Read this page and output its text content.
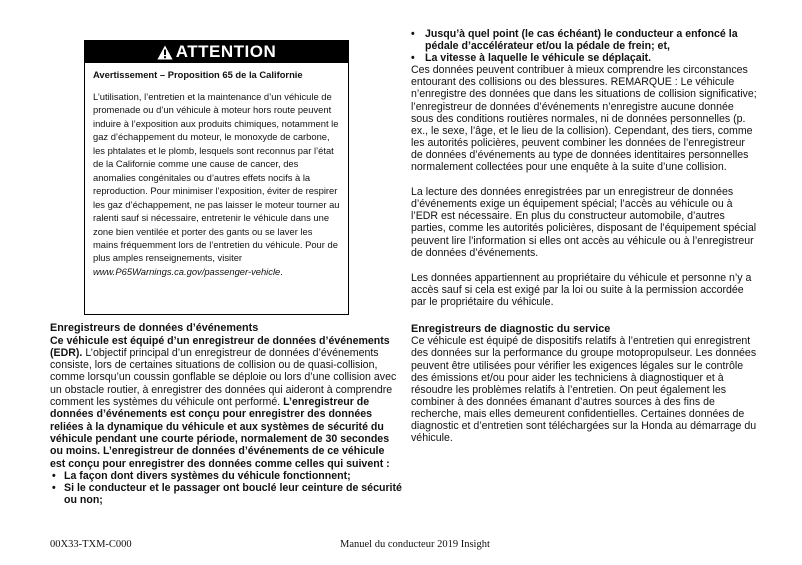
ATTENTION
Avertissement – Proposition 65 de la Californie
L’utilisation, l’entretien et la maintenance d’un véhicule de promenade ou d’un véhicule à moteur hors route peuvent induire à l’exposition aux produits chimiques, notamment le gaz d’échappement du moteur, le monoxyde de carbone, les phtalates et le plomb, lesquels sont reconnus par l’état de la Californie comme une cause de cancer, des anomalies congénitales ou d’autres effets nocifs à la reproduction. Pour minimiser l’exposition, éviter de respirer les gaz d’échappement, ne pas laisser le moteur tourner au ralenti sauf si nécessaire, entretenir le véhicule dans une zone bien ventilée et porter des gants ou se laver les mains fréquemment lors de l’entretien du véhicule. Pour de plus amples renseignements, visiter www.P65Warnings.ca.gov/passenger-vehicle.
Enregistreurs de données d’événements

Ce véhicule est équipé d’un enregistreur de données d’événements (EDR). L’objectif principal d’un enregistreur de données d’événements consiste, lors de certaines situations de collision ou de quasi-collision, comme lorsqu’un coussin gonflable se déploie ou lors d’une collision avec un obstacle routier, à enregistrer des données qui aideront à comprendre comment les systèmes du véhicule ont performé. L’enregistreur de données d’événements est conçu pour enregistrer des données reliées à la dynamique du véhicule et aux systèmes de sécurité du véhicule pendant une courte période, normalement de 30 secondes ou moins. L’enregistreur de données d’événements de ce véhicule est conçu pour enregistrer des données comme celles qui suivent :

• La façon dont divers systèmes du véhicule fonctionnent;
• Si le conducteur et le passager ont bouclé leur ceinture de sécurité ou non;
• Jusqu’à quel point (le cas échéant) le conducteur a enfoncé la pédale d’accélérateur et/ou la pédale de frein; et,
• La vitesse à laquelle le véhicule se déplaçait.

Ces données peuvent contribuer à mieux comprendre les circonstances entourant des collisions ou des blessures. REMARQUE : Le véhicule n’enregistre des données que dans les situations de collision significative; l’enregistreur de données d’événements n’enregistre aucune donnée sous des conditions routières normales, ni de données personnelles (p. ex., le sexe, l’âge, et le lieu de la collision). Cependant, des tiers, comme les autorités policières, peuvent combiner les données de l’enregistreur de données d’événements au type de données identitaires personnelles normalement collectées pour une enquête à la suite d’une collision.

La lecture des données enregistrées par un enregistreur de données d’événements exige un équipement spécial; l’accès au véhicule ou à l’EDR est nécessaire. En plus du constructeur automobile, d’autres parties, comme les autorités policières, disposant de l’équipement spécial peuvent lire l’information si elles ont accès au véhicule ou à l’enregistreur de données d’événements.

Les données appartiennent au propriétaire du véhicule et personne n’y a accès sauf si cela est exigé par la loi ou suite à la permission accordée par le propriétaire du véhicule.

Enregistreurs de diagnostic du service

Ce véhicule est équipé de dispositifs relatifs à l’entretien qui enregistrent des données sur la performance du groupe motopropulseur. Les données peuvent être utilisées pour vérifier les exigences légales sur le contrôle des émissions et/ou pour aider les techniciens à diagnostiquer et à résoudre les problèmes relatifs à l’entretien. On peut également les combiner à des données émanant d’autres sources à des fins de recherche, mais elles demeurent confidentielles. Certaines données de diagnostic et d’entretien sont téléchargées sur la Honda au démarrage du véhicule.

00X33-TXM-C000	Manuel du conducteur 2019 Insight
